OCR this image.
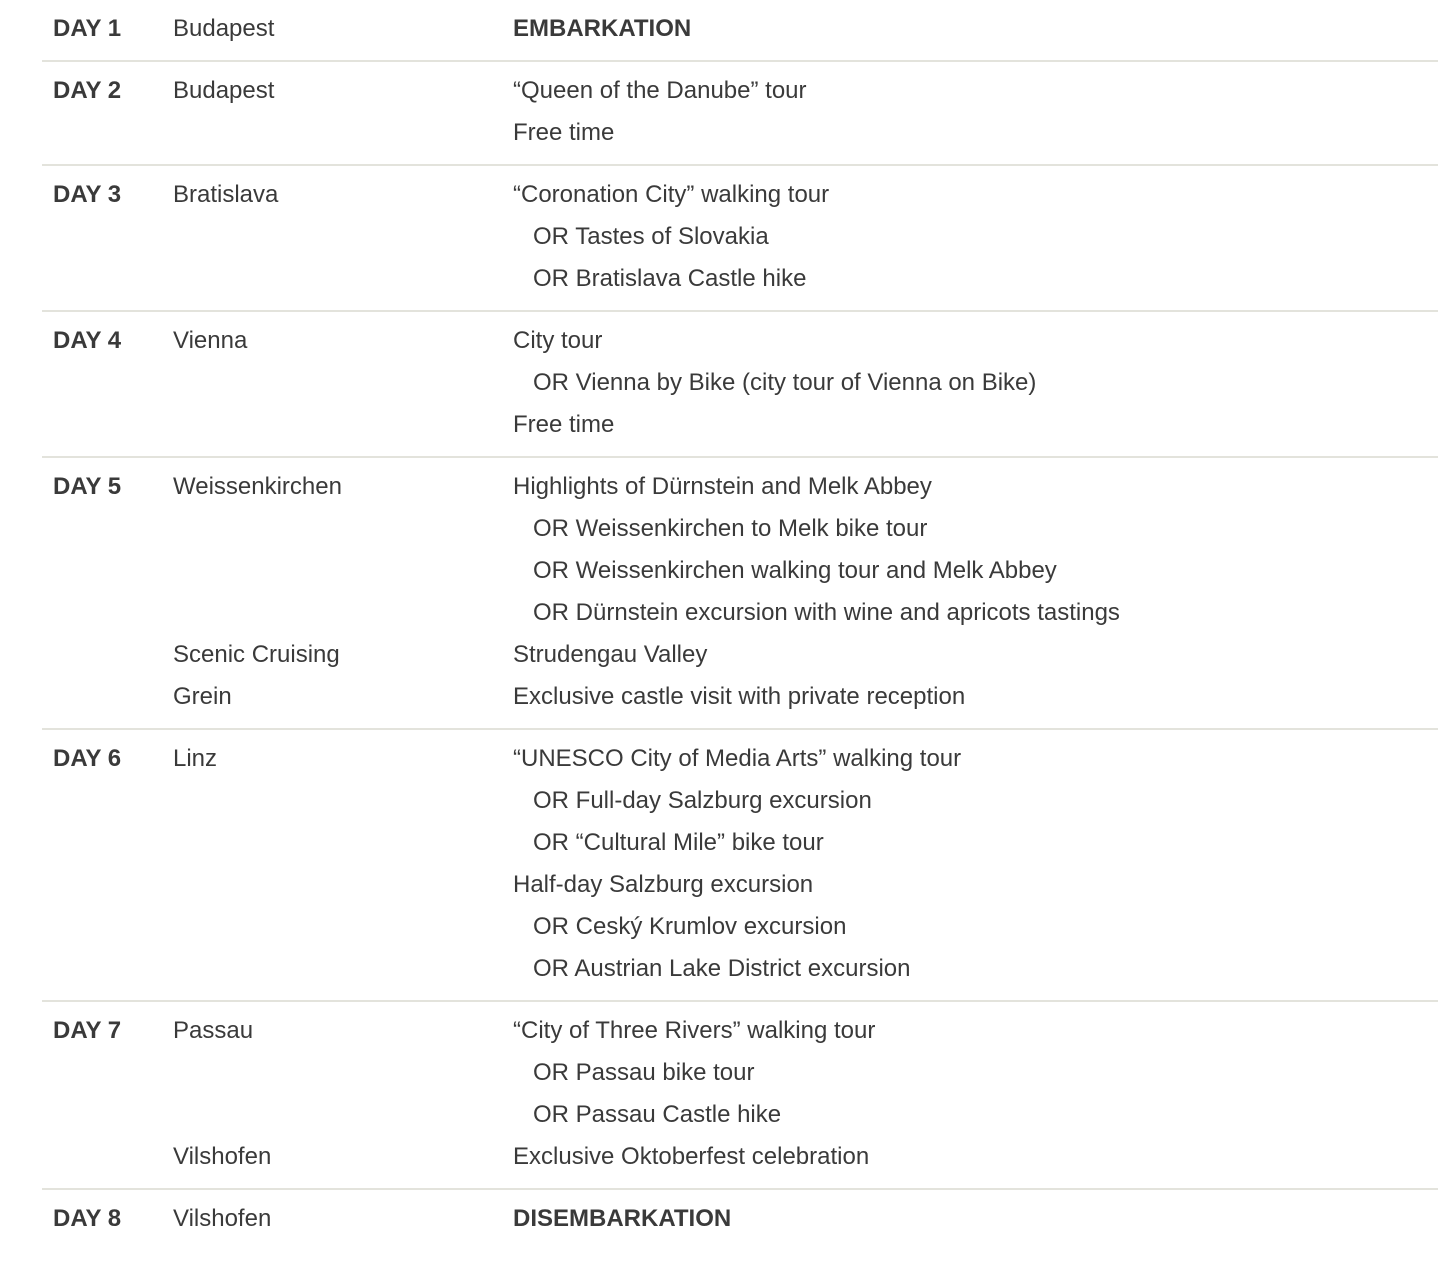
DAY 1 Budapest	EMBARKATION
DAY 2 Budapest	“Queen of the Danube” tour
Free time
DAY 3 Bratislava	“Coronation City” walking tour
OR Tastes of Slovakia
OR Bratislava Castle hike
DAY 4 Vienna	City tour
OR Vienna by Bike (city tour of Vienna on Bike)
Free time
DAY 5 Weissenkirchen	Highlights of Dürnstein and Melk Abbey
OR Weissenkirchen to Melk bike tour
OR Weissenkirchen walking tour and Melk Abbey
OR Dürnstein excursion with wine and apricots tastings
Scenic Cruising	Strudengau Valley
Grein	Exclusive castle visit with private reception
DAY 6 Linz	“UNESCO City of Media Arts” walking tour
OR Full-day Salzburg excursion
OR “Cultural Mile” bike tour
Half-day Salzburg excursion
OR Ceský Krumlov excursion
OR Austrian Lake District excursion
DAY 7 Passau	“City of Three Rivers” walking tour
OR Passau bike tour
OR Passau Castle hike
Vilshofen	Exclusive Oktoberfest celebration
DAY 8 Vilshofen	DISEMBARKATION
